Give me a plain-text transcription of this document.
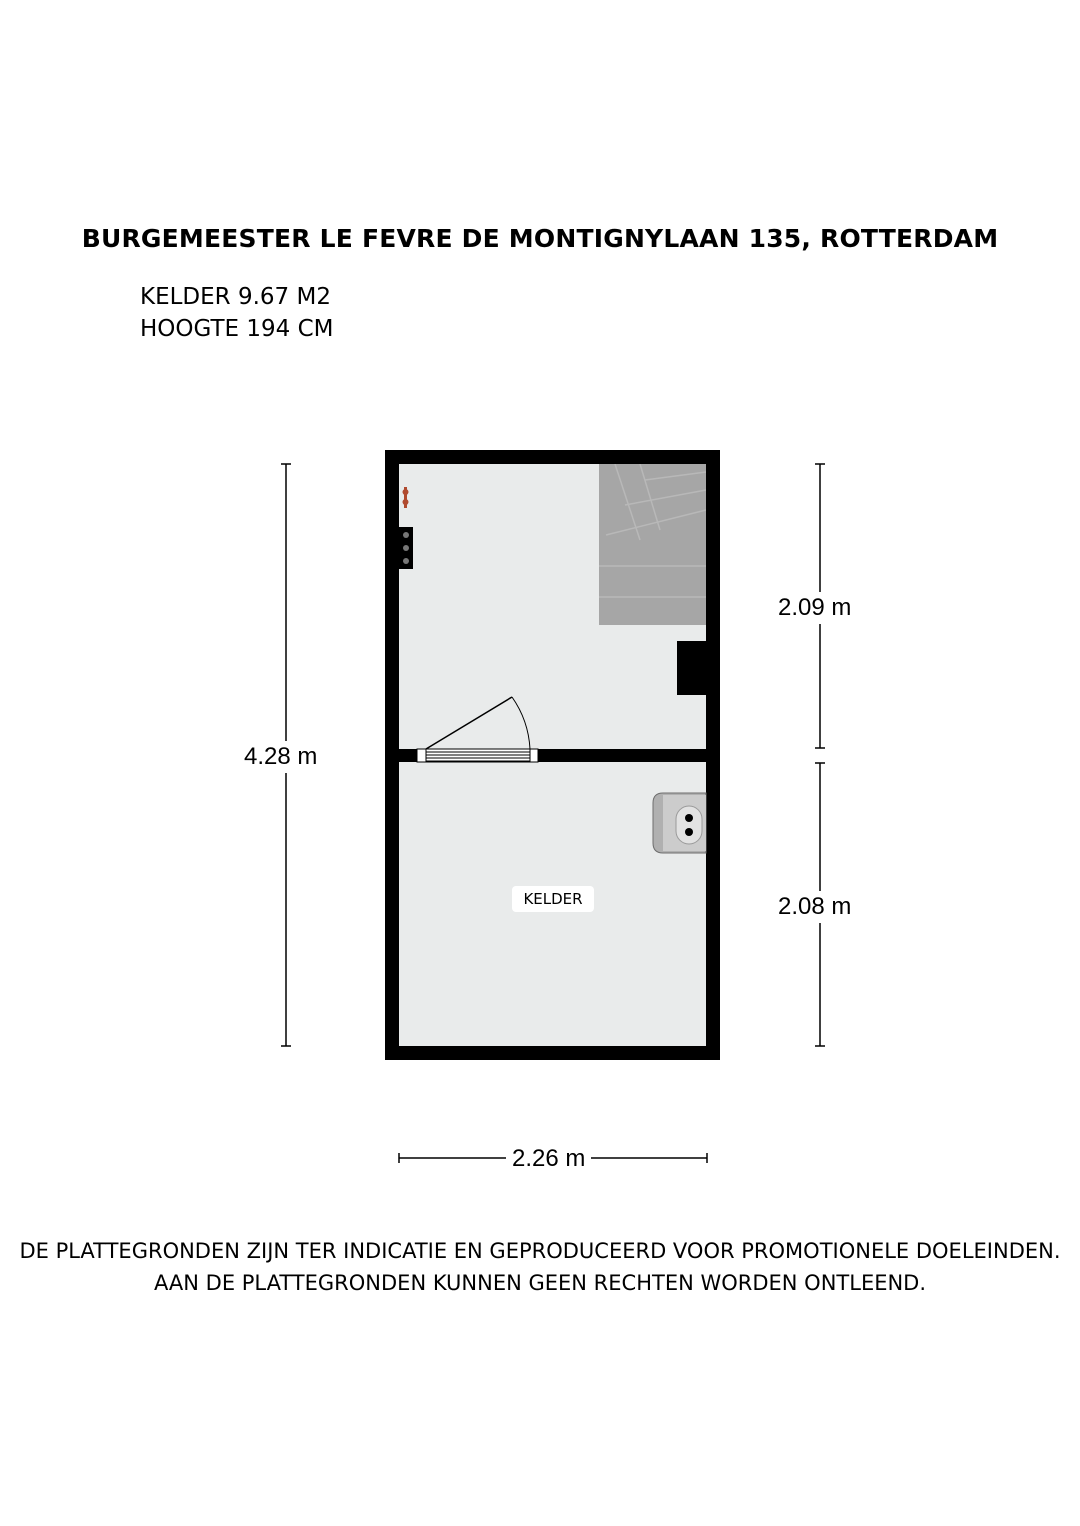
BURGEMEESTER LE FEVRE DE MONTIGNYLAAN 135, ROTTERDAM
KELDER 9.67 M2
HOOGTE 194 CM
KELDER
4.28 m
2.09 m
2.08 m
2.26 m
DE PLATTEGRONDEN ZIJN TER INDICATIE EN GEPRODUCEERD VOOR PROMOTIONELE DOELEINDEN.
AAN DE PLATTEGRONDEN KUNNEN GEEN RECHTEN WORDEN ONTLEEND.
